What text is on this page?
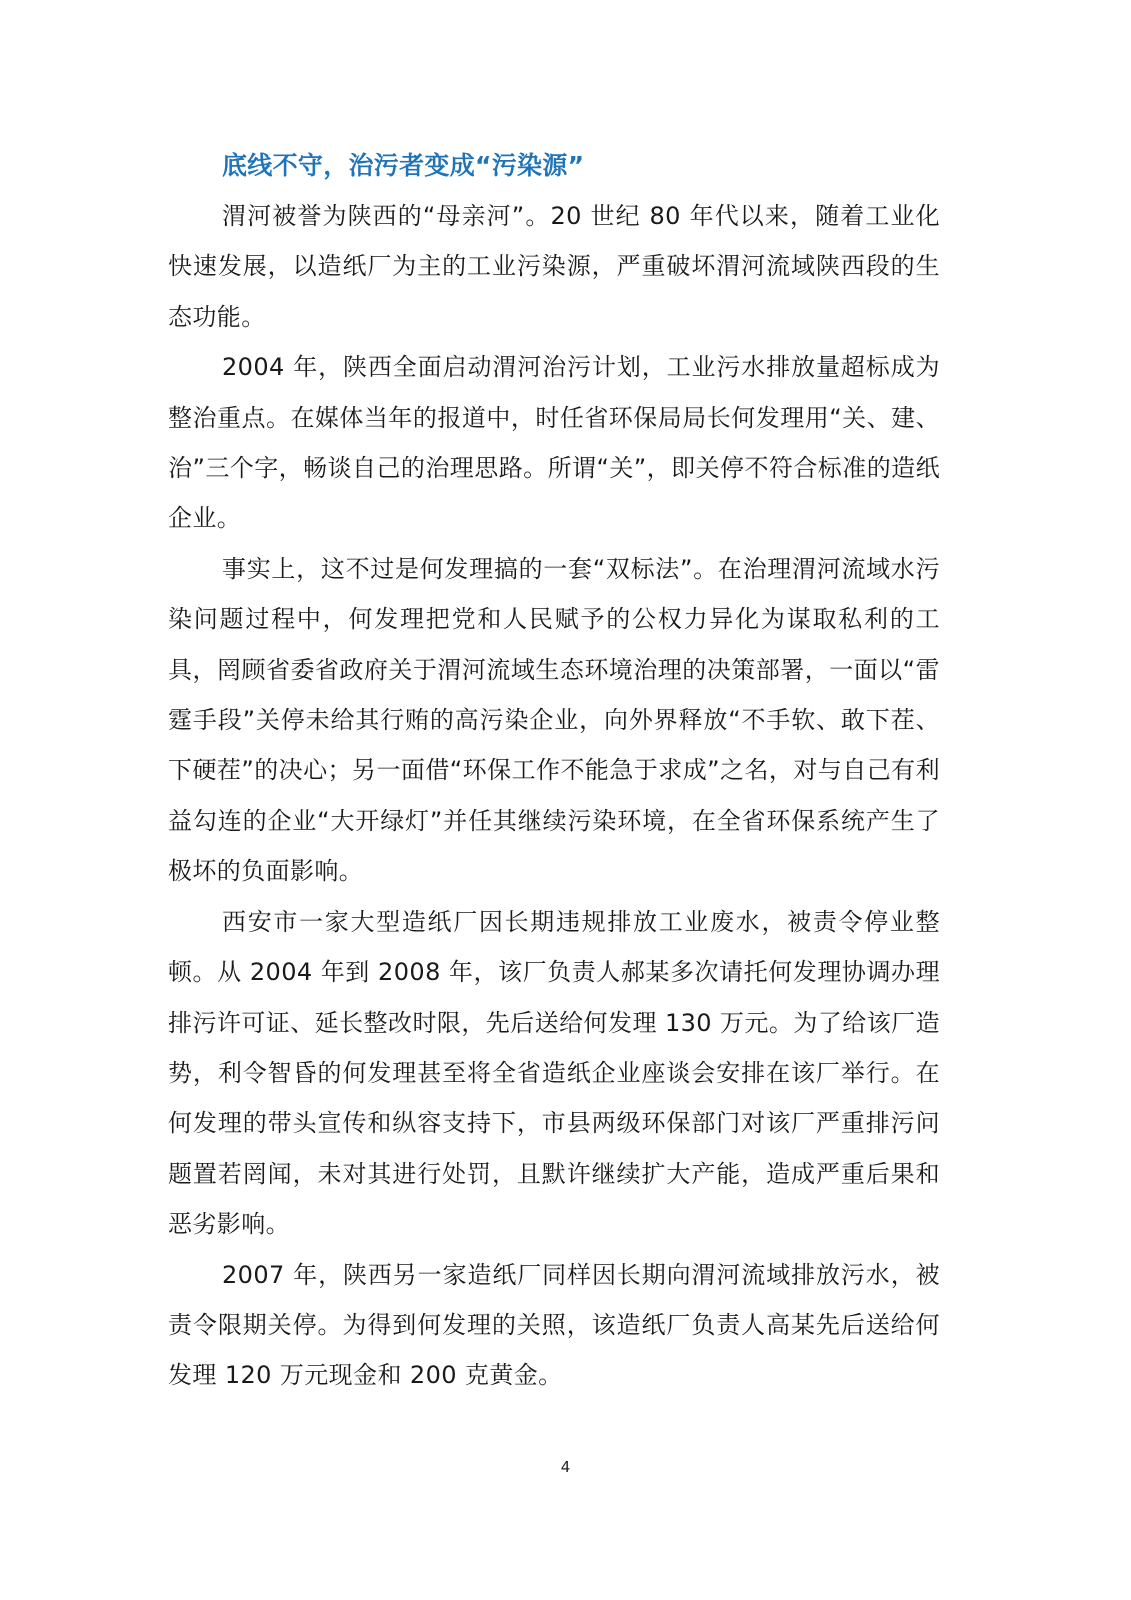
底线不守，治污者变成“污染源”

渭河被誉为陕西的“母亲河”。20 世纪 80 年代以来，随着工业化快速发展，以造纸厂为主的工业污染源，严重破坏渭河流域陕西段的生态功能。

2004 年，陕西全面启动渭河治污计划，工业污水排放量超标成为整治重点。在媒体当年的报道中，时任省环保局局长何发理用“关、建、治”三个字，畅谈自己的治理思路。所谓“关”，即关停不符合标准的造纸企业。

事实上，这不过是何发理搞的一套“双标法”。在治理渭河流域水污染问题过程中，何发理把党和人民赋予的公权力异化为谋取私利的工具，罔顾省委省政府关于渭河流域生态环境治理的决策部署，一面以“雷霆手段”关停未给其行贿的高污染企业，向外界释放“不手软、敢下茬、下硬茬”的决心；另一面借“环保工作不能急于求成”之名，对与自己有利益勾连的企业“大开绿灯”并任其继续污染环境，在全省环保系统产生了极坏的负面影响。

西安市一家大型造纸厂因长期违规排放工业废水，被责令停业整顿。从 2004 年到 2008 年，该厂负责人郝某多次请托何发理协调办理排污许可证、延长整改时限，先后送给何发理 130 万元。为了给该厂造势，利令智昏的何发理甚至将全省造纸企业座谈会安排在该厂举行。在何发理的带头宣传和纵容支持下，市县两级环保部门对该厂严重排污问题置若罔闻，未对其进行处罚，且默许继续扩大产能，造成严重后果和恶劣影响。

2007 年，陕西另一家造纸厂同样因长期向渭河流域排放污水，被责令限期关停。为得到何发理的关照，该造纸厂负责人高某先后送给何发理 120 万元现金和 200 克黄金。

4
